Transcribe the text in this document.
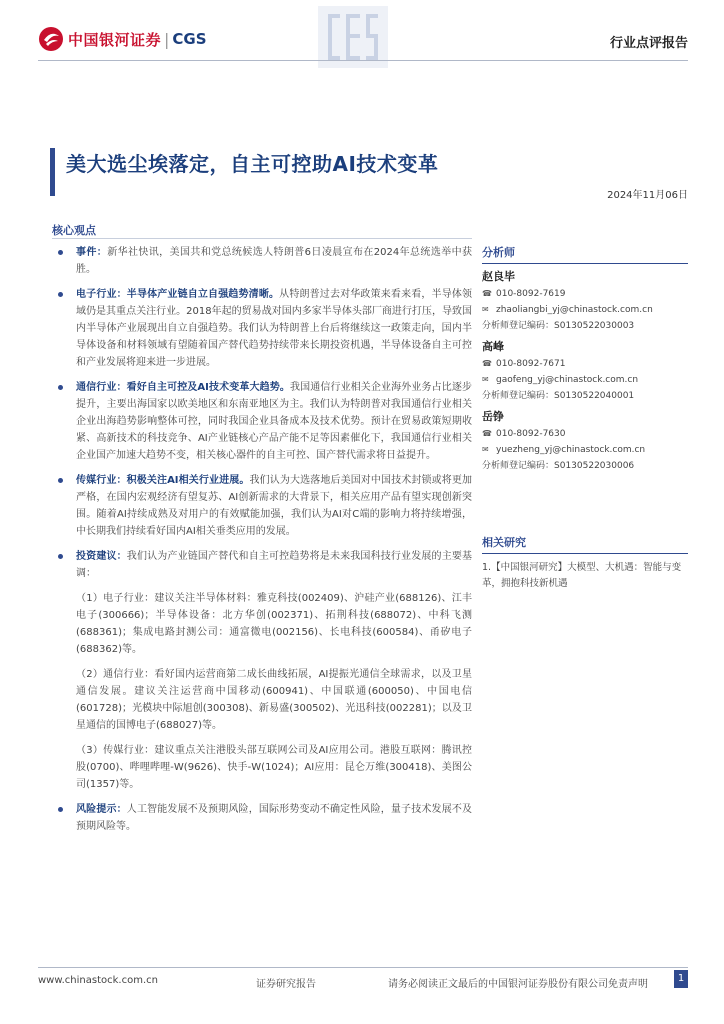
中国银河证券 | CGS	行业点评报告
美大选尘埃落定，自主可控助AI技术变革
2024年11月06日
核心观点
事件：新华社快讯，美国共和党总统候选人特朗普6日凌晨宣布在2024年总统选举中获胜。
电子行业：半导体产业链自立自强趋势清晰。从特朗普过去对华政策来看来看，半导体领域仍是其重点关注行业。2018年起的贸易战对国内多家半导体头部厂商进行打压，导致国内半导体产业展现出自立自强趋势。我们认为特朗普上台后将继续这一政策走向，国内半导体设备和材料领域有望随着国产替代趋势持续带来长期投资机遇，半导体设备自主可控和产业发展将迎来进一步进展。
通信行业：看好自主可控及AI技术变革大趋势。我国通信行业相关企业海外业务占比逐步提升，主要出海国家以欧美地区和东南亚地区为主。我们认为特朗普对我国通信行业相关企业出海趋势影响整体可控，同时我国企业具备成本及技术优势。预计在贸易政策短期收紧、高新技术的科技竞争、AI产业链核心产品产能不足等因素催化下，我国通信行业相关企业国产加速大趋势不变，相关核心器件的自主可控、国产替代需求将日益提升。
传媒行业：积极关注AI相关行业进展。我们认为大选落地后美国对中国技术封锁或将更加严格，在国内宏观经济有望复苏、AI创新需求的大背景下，相关应用产品有望实现创新突围。随着AI持续成熟及对用户的有效赋能加强，我们认为AI对C端的影响力将持续增强，中长期我们持续看好国内AI相关垂类应用的发展。
投资建议：我们认为产业链国产替代和自主可控趋势将是未来我国科技行业发展的主要基调：
（1）电子行业：建议关注半导体材料：雅克科技(002409)、沪硅产业(688126)、江丰电子(300666)；半导体设备：北方华创(002371)、拓荆科技(688072)、中科飞测(688361)；集成电路封测公司：通富微电(002156)、长电科技(600584)、甬矽电子(688362)等。
（2）通信行业：看好国内运营商第二成长曲线拓展，AI提振光通信全球需求，以及卫星通信发展。建议关注运营商中国移动(600941)、中国联通(600050)、中国电信(601728)；光模块中际旭创(300308)、新易盛(300502)、光迅科技(002281)；以及卫星通信的国博电子(688027)等。
（3）传媒行业：建议重点关注港股头部互联网公司及AI应用公司。港股互联网：腾讯控股(0700)、哔哩哔哩-W(9626)、快手-W(1024)；AI应用：昆仑万维(300418)、美图公司(1357)等。
风险提示：人工智能发展不及预期风险，国际形势变动不确定性风险，量子技术发展不及预期风险等。
分析师
赵良毕
☎ 010-8092-7619
✉ zhaoliangbi_yj@chinastock.com.cn
分析师登记编码：S0130522030003
高峰
☎ 010-8092-7671
✉ gaofeng_yj@chinastock.com.cn
分析师登记编码：S0130522040001
岳铮
☎ 010-8092-7630
✉ yuezheng_yj@chinastock.com.cn
分析师登记编码：S0130522030006
相关研究
1.【中国银河研究】大模型、大机遇：智能与变革，拥抱科技新机遇
www.chinastock.com.cn	证券研究报告	请务必阅读正文最后的中国银河证券股份有限公司免责声明
1
